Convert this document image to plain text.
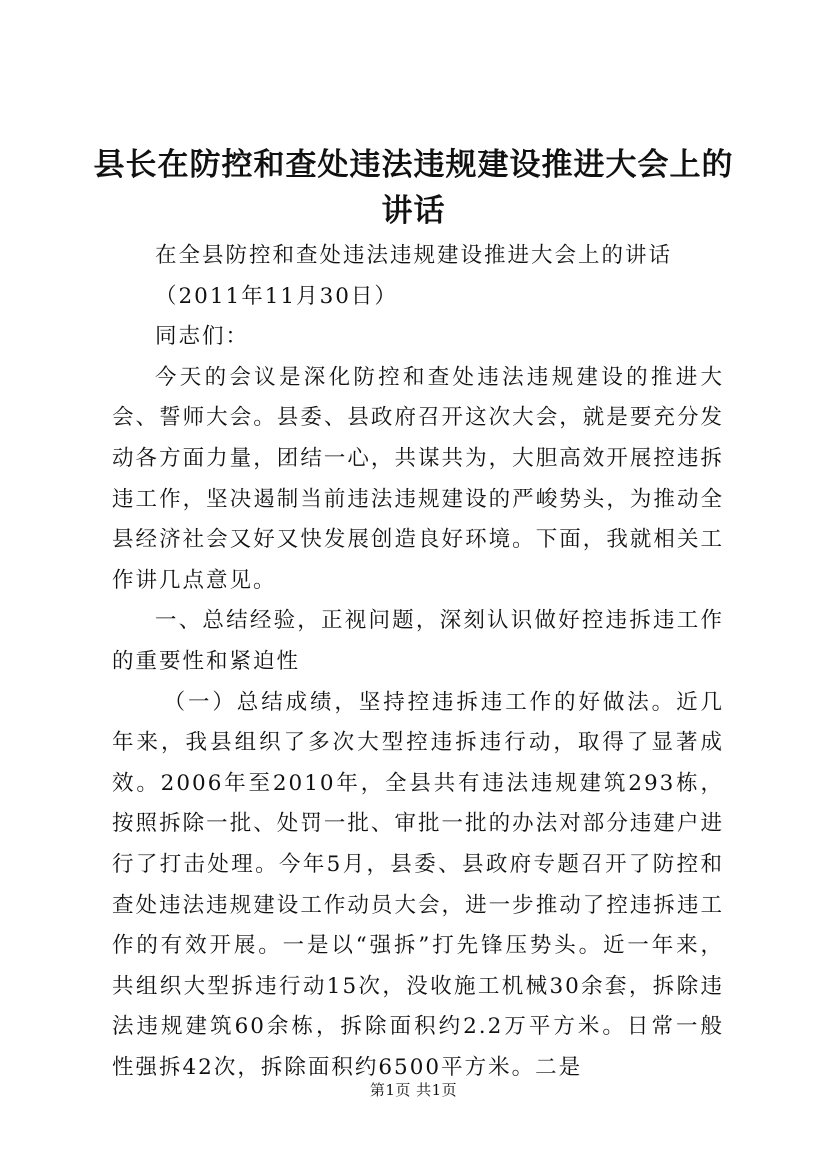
县长在防控和查处违法违规建设推进大会上的讲话

在全县防控和查处违法违规建设推进大会上的讲话

（2011年11月30日）

同志们：

今天的会议是深化防控和查处违法违规建设的推进大会、誓师大会。县委、县政府召开这次大会，就是要充分发动各方面力量，团结一心，共谋共为，大胆高效开展控违拆违工作，坚决遏制当前违法违规建设的严峻势头，为推动全县经济社会又好又快发展创造良好环境。下面，我就相关工作讲几点意见。

一、总结经验，正视问题，深刻认识做好控违拆违工作的重要性和紧迫性

（一）总结成绩，坚持控违拆违工作的好做法。近几年来，我县组织了多次大型控违拆违行动，取得了显著成效。2006年至2010年，全县共有违法违规建筑293栋，按照拆除一批、处罚一批、审批一批的办法对部分违建户进行了打击处理。今年5月，县委、县政府专题召开了防控和查处违法违规建设工作动员大会，进一步推动了控违拆违工作的有效开展。一是以“强拆”打先锋压势头。近一年来，共组织大型拆违行动15次，没收施工机械30余套，拆除违法违规建筑60余栋，拆除面积约2.2万平方米。日常一般性强拆42次，拆除面积约6500平方米。二是

第1页 共1页
